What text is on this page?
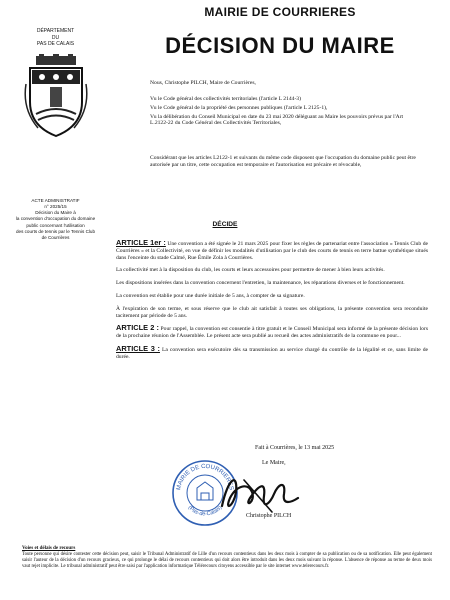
MAIRIE DE COURRIERES
DÉPARTEMENT
DU
PAS DE CALAIS
ACTE ADMINISTRATIF
n° 2025/15
Décision du Maire à
la convention d'occupation du domaine
public concernant l'utilisation
des courts de tennis par le Tennis Club
de Courrières
DÉCISION DU MAIRE
Nous, Christophe PILCH, Maire de Courrières,

Vu le Code général des collectivités territoriales (l'article L 2144-3)

Vu le Code général de la propriété des personnes publiques (l'article L 2125-1),

Vu la délibération du Conseil Municipal en date du 23 mai 2020 déléguant au Maire les pouvoirs prévus par l'Art L.2122-22 du Code Général des Collectivités Territoriales,

Considérant que les articles L2122-1 et suivants du même code disposent que l'occupation du domaine public peut être autorisée par un titre, cette occupation est temporaire et l'autorisation est précaire et révocable,
DÉCIDE

ARTICLE 1er : Une convention a été signée le 21 mars 2025 pour fixer les règles de partenariat entre l'association « Tennis Club de Courrières » et la Collectivité, en vue de définir les modalités d'utilisation par le club des courts de tennis en terre battue synthétique situés dans l'enceinte du stade Calmé, Rue Émile Zola à Courrières.

La collectivité met à la disposition du club, les courts et leurs accessoires pour permettre de mener à bien leurs activités.

Les dispositions insérées dans la convention concernent l'entretien, la maintenance, les réparations diverses et le fonctionnement.

La convention est établie pour une durée initiale de 5 ans, à compter de sa signature.

À l'expiration de son terme, et sous réserve que le club ait satisfait à toutes ses obligations, la présente convention sera reconduite tacitement par période de 5 ans.

ARTICLE 2 : Pour rappel, la convention est consentie à titre gratuit et le Conseil Municipal sera informé de la présente décision lors de la prochaine réunion de l'Assemblée. Le présent acte sera publié au recueil des actes administratifs de la commune en pour...

ARTICLE 3 : La convention sera exécutoire dès sa transmission au service chargé du contrôle de la légalité et ce, sans limite de durée.

Fait à Courrières, le 13 mai 2025
Le Maire,
MAIRIE DE COURRIERES
(Pas-de-Calais)
Christophe PILCH
Voies et délais de recours
Toute personne qui désire contester cette décision peut, saisir le Tribunal Administratif de Lille d'un recours contentieux dans les deux mois à compter de sa publication ou de sa notification. Elle peut également saisir l'auteur de la décision d'un recours gracieux, ce qui prolonge le délai de recours contentieux qui doit alors être introduit dans les deux mois suivant la réponse. L'absence de réponse au terme de deux mois vaut rejet implicite. Le tribunal administratif peut être saisi par l'application informatique Télérecours citoyens accessible par le site internet www.telerecours.fr.
